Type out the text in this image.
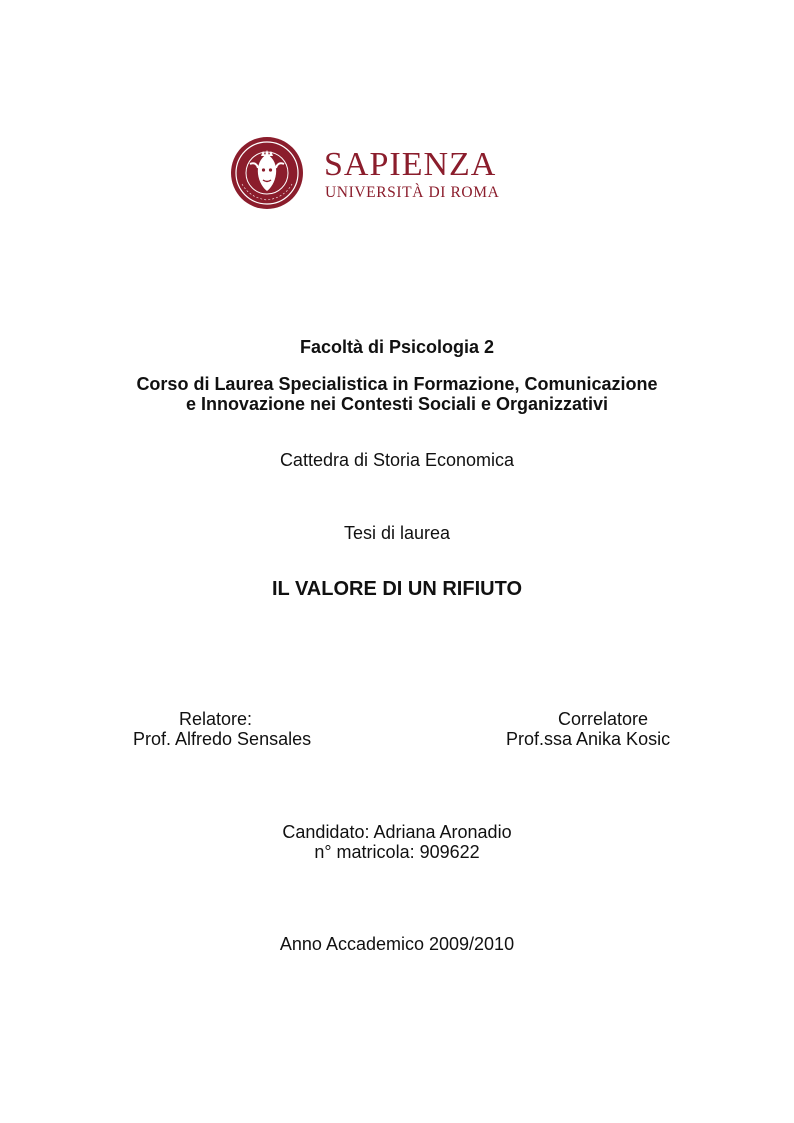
SAPIENZA
UNIVERSITÀ DI ROMA
Facoltà di Psicologia 2
Corso di Laurea Specialistica in Formazione, Comunicazione
e Innovazione nei Contesti Sociali e Organizzativi
Cattedra di Storia Economica
Tesi di laurea
IL VALORE DI UN RIFIUTO
Relatore:
Prof. Alfredo Sensales
Correlatore
Prof.ssa Anika Kosic
Candidato: Adriana Aronadio
n° matricola: 909622
Anno Accademico 2009/2010
